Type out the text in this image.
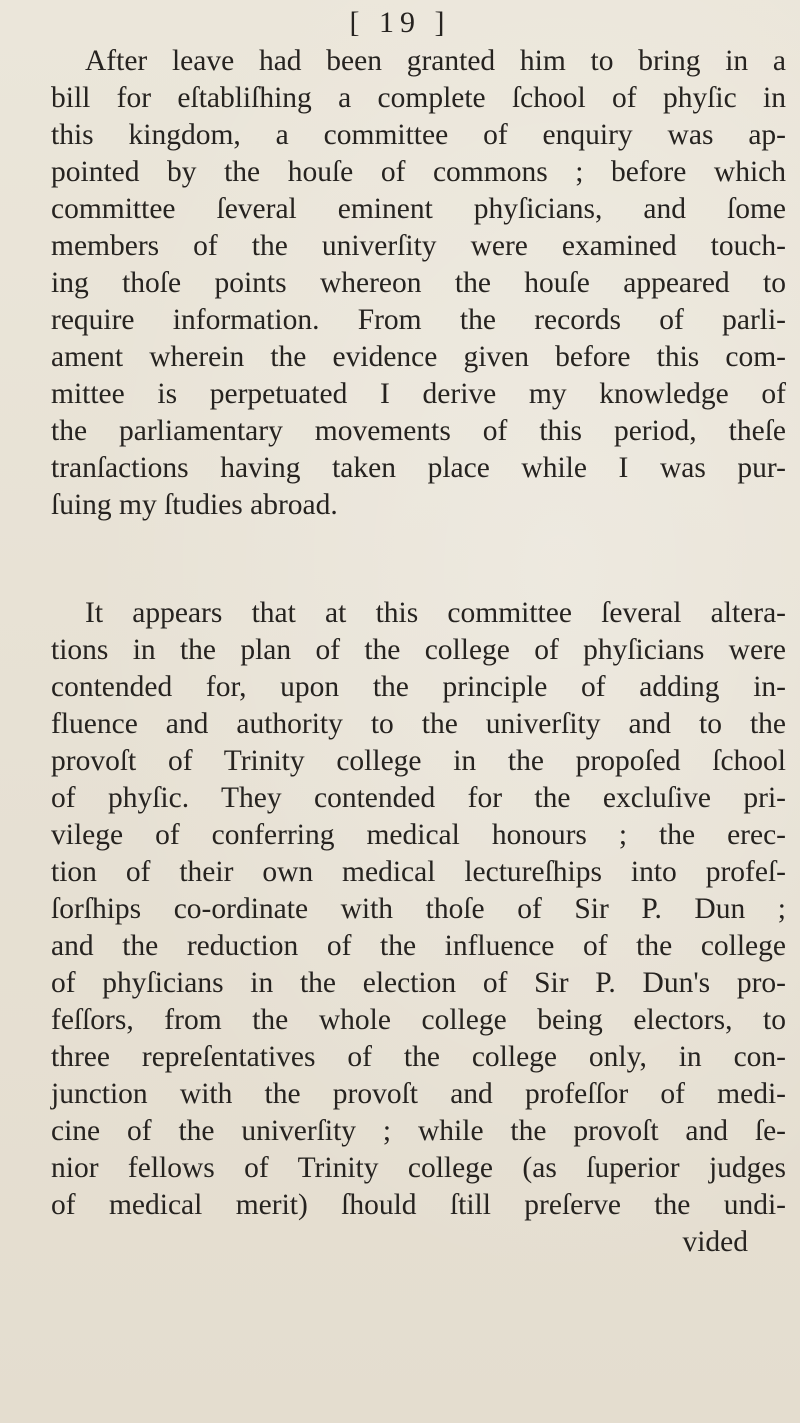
[ 19 ]
After leave had been granted him to bring in a
bill for eſtabliſhing a complete ſchool of phyſic in
this kingdom, a committee of enquiry was ap-
pointed by the houſe of commons ; before which
committee ſeveral eminent phyſicians, and ſome
members of the univerſity were examined touch-
ing thoſe points whereon the houſe appeared to
require information. From the records of parli-
ament wherein the evidence given before this com-
mittee is perpetuated I derive my knowledge of
the parliamentary movements of this period, theſe
tranſactions having taken place while I was pur-
ſuing my ſtudies abroad.
It appears that at this committee ſeveral altera-
tions in the plan of the college of phyſicians were
contended for, upon the principle of adding in-
fluence and authority to the univerſity and to the
provoſt of Trinity college in the propoſed ſchool
of phyſic. They contended for the excluſive pri-
vilege of conferring medical honours ; the erec-
tion of their own medical lectureſhips into profeſ-
ſorſhips co-ordinate with thoſe of Sir P. Dun ;
and the reduction of the influence of the college
of phyſicians in the election of Sir P. Dun's pro-
feſſors, from the whole college being electors, to
three repreſentatives of the college only, in con-
junction with the provoſt and profeſſor of medi-
cine of the univerſity ; while the provoſt and ſe-
nior fellows of Trinity college (as ſuperior judges
of medical merit) ſhould ſtill preſerve the undi-
vided
